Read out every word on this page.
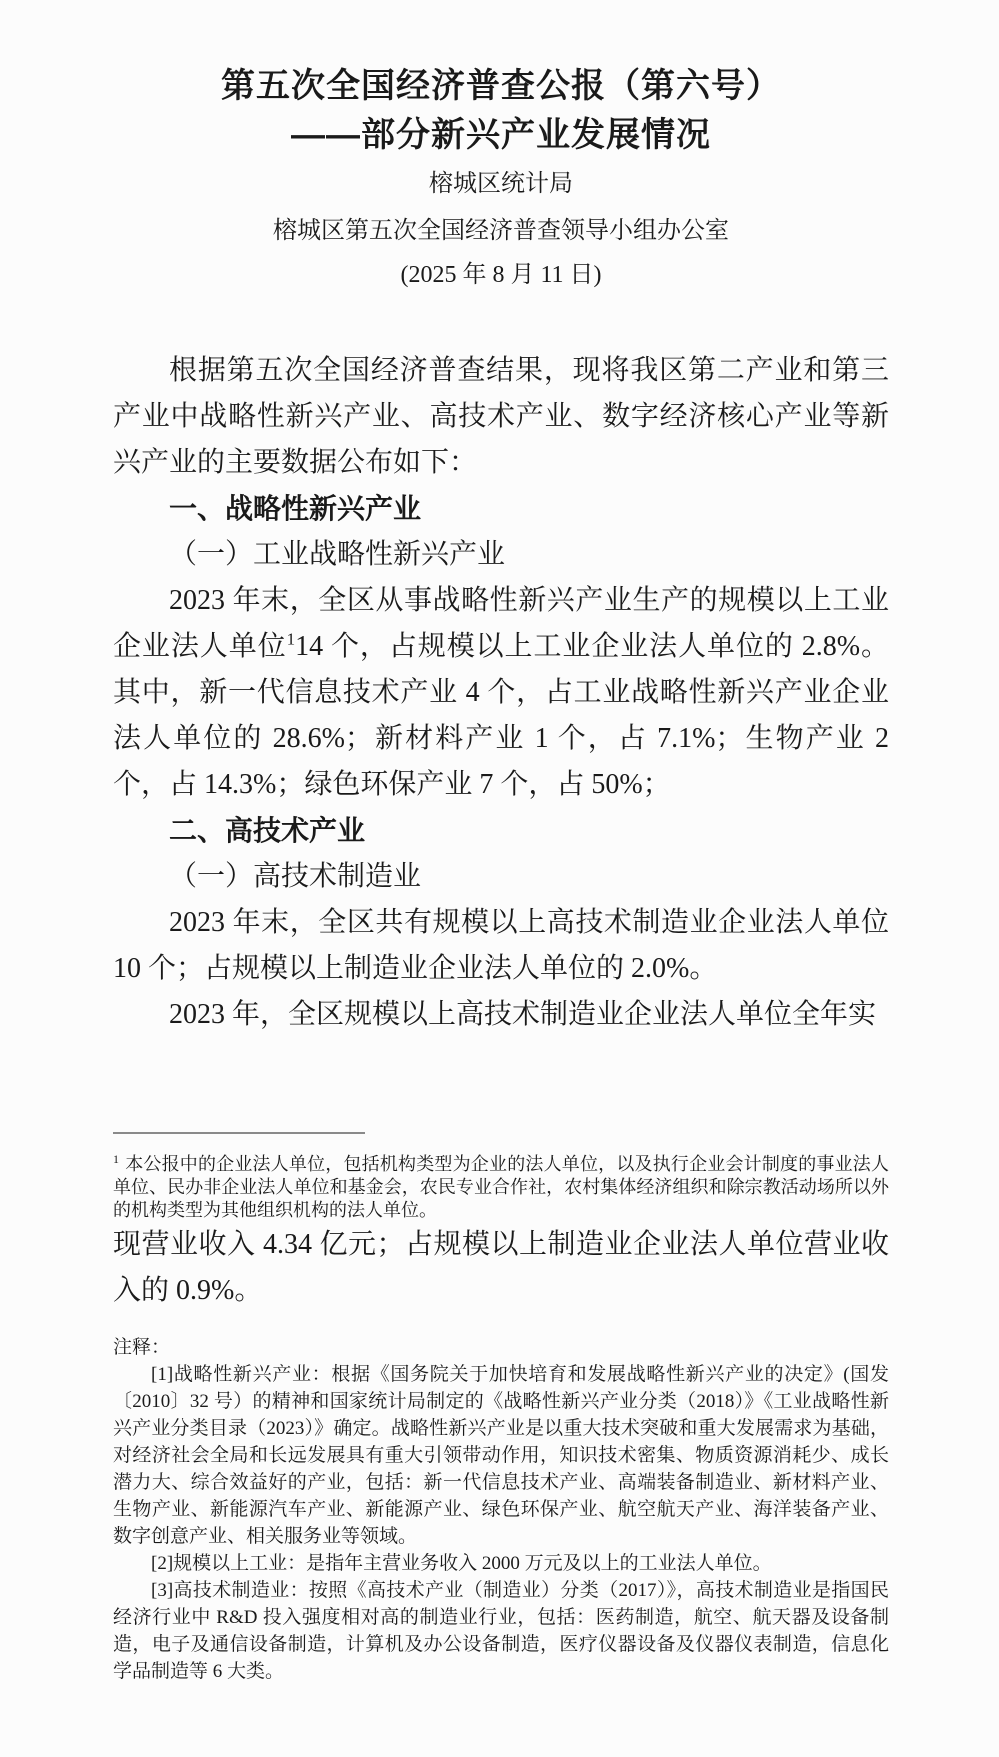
第五次全国经济普查公报（第六号）
——部分新兴产业发展情况
榕城区统计局
榕城区第五次全国经济普查领导小组办公室
(2025 年 8 月 11 日)

根据第五次全国经济普查结果，现将我区第二产业和第三产业中战略性新兴产业、高技术产业、数字经济核心产业等新兴产业的主要数据公布如下：

一、战略性新兴产业
（一）工业战略性新兴产业

2023 年末，全区从事战略性新兴产业生产的规模以上工业企业法人单位$^1$14 个，占规模以上工业企业法人单位的 2.8%。其中，新一代信息技术产业 4 个，占工业战略性新兴产业企业法人单位的 28.6%；新材料产业 1 个，占 7.1%；生物产业 2 个，占 14.3%；绿色环保产业 7 个，占 50%；

二、高技术产业
（一）高技术制造业

2023 年末，全区共有规模以上高技术制造业企业法人单位 10 个；占规模以上制造业企业法人单位的 2.0%。

2023 年，全区规模以上高技术制造业企业法人单位全年实

$^1$ 本公报中的企业法人单位，包括机构类型为企业的法人单位，以及执行企业会计制度的事业法人单位、民办非企业法人单位和基金会，农民专业合作社，农村集体经济组织和除宗教活动场所以外的机构类型为其他组织机构的法人单位。

现营业收入 4.34 亿元；占规模以上制造业企业法人单位营业收入的 0.9%。

注释：

[1]战略性新兴产业：根据《国务院关于加快培育和发展战略性新兴产业的决定》(国发〔2010〕32 号）的精神和国家统计局制定的《战略性新兴产业分类（2018）》《工业战略性新兴产业分类目录（2023）》确定。战略性新兴产业是以重大技术突破和重大发展需求为基础，对经济社会全局和长远发展具有重大引领带动作用，知识技术密集、物质资源消耗少、成长潜力大、综合效益好的产业，包括：新一代信息技术产业、高端装备制造业、新材料产业、生物产业、新能源汽车产业、新能源产业、绿色环保产业、航空航天产业、海洋装备产业、数字创意产业、相关服务业等领域。

[2]规模以上工业：是指年主营业务收入 2000 万元及以上的工业法人单位。

[3]高技术制造业：按照《高技术产业（制造业）分类（2017）》，高技术制造业是指国民经济行业中 R&D 投入强度相对高的制造业行业，包括：医药制造，航空、航天器及设备制造，电子及通信设备制造，计算机及办公设备制造，医疗仪器设备及仪器仪表制造，信息化学品制造等 6 大类。
